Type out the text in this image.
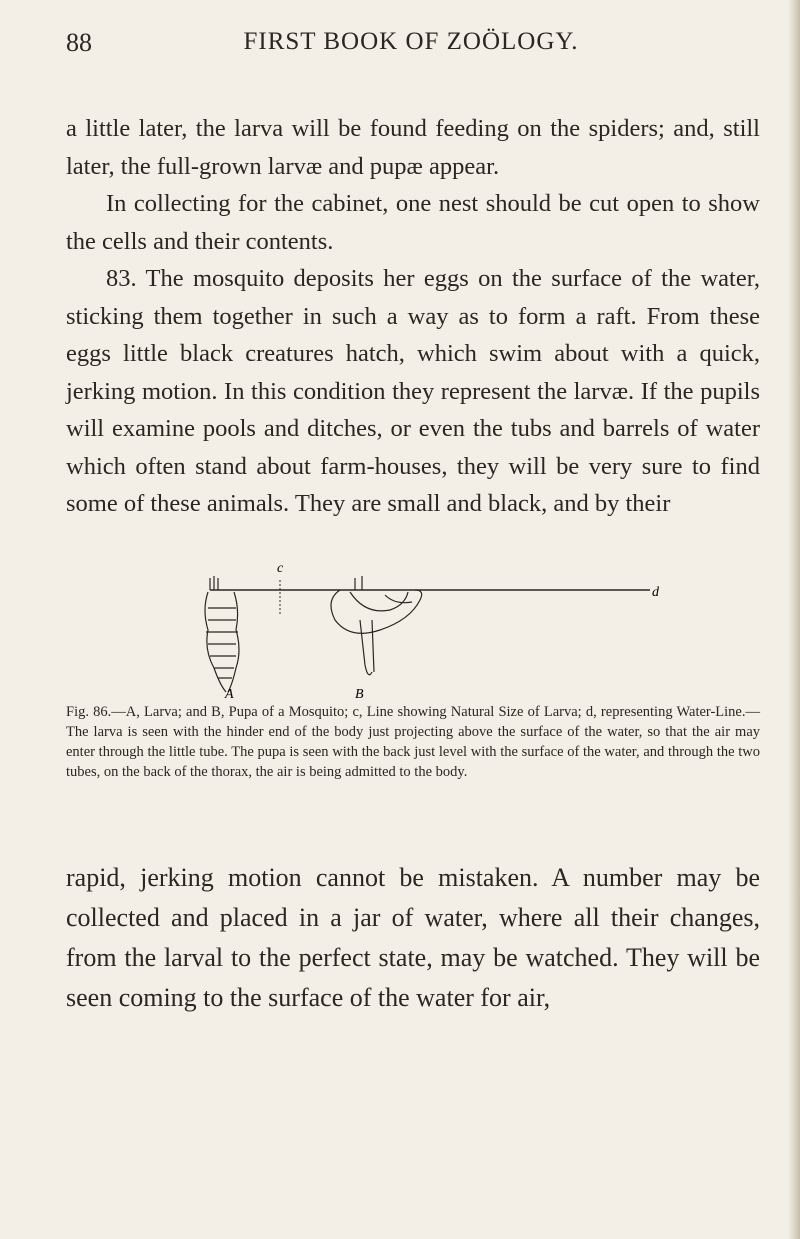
88	FIRST BOOK OF ZOÖLOGY.

a little later, the larva will be found feeding on the spiders; and, still later, the full-grown larvæ and pupæ appear.

In collecting for the cabinet, one nest should be cut open to show the cells and their contents.

83. The mosquito deposits her eggs on the surface of the water, sticking them together in such a way as to form a raft. From these eggs little black creatures hatch, which swim about with a quick, jerking motion. In this condition they represent the larvæ. If the pupils will examine pools and ditches, or even the tubs and barrels of water which often stand about farm-houses, they will be very sure to find some of these animals. They are small and black, and by their

c
d
A	B
Fig. 86.—A, Larva; and B, Pupa of a Mosquito; c, Line showing Natural Size of Larva; d, representing Water-Line.—The larva is seen with the hinder end of the body just projecting above the surface of the water, so that the air may enter through the little tube. The pupa is seen with the back just level with the surface of the water, and through the two tubes, on the back of the thorax, the air is being admitted to the body.

rapid, jerking motion cannot be mistaken. A number may be collected and placed in a jar of water, where all their changes, from the larval to the perfect state, may be watched. They will be seen coming to the surface of the water for air,
